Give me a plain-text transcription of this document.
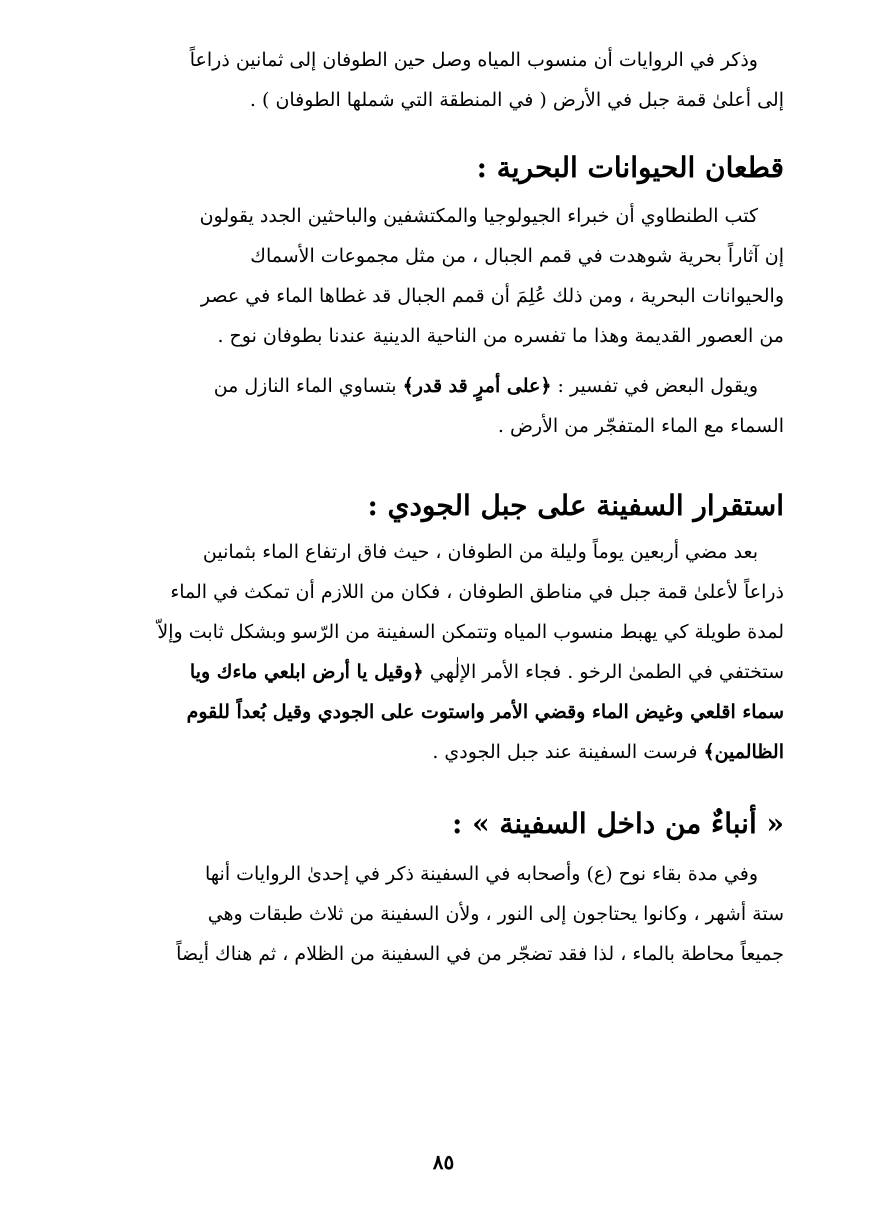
وذكر في الروايات أن منسوب المياه وصل حين الطوفان إلى ثمانين ذراعاً
إلى أعلىٰ قمة جبل في الأرض ( في المنطقة التي شملها الطوفان ) .

قطعان الحيوانات البحرية :

كتب الطنطاوي أن خبراء الجيولوجيا والمكتشفين والباحثين الجدد يقولون
إن آثاراً بحرية شوهدت في قمم الجبال ، من مثل مجموعات الأسماك
والحيوانات البحرية ، ومن ذلك عُلِمَ أن قمم الجبال قد غطاها الماء في عصر
من العصور القديمة وهذا ما تفسره من الناحية الدينية عندنا بطوفان نوح .

ويقول البعض في تفسير : ﴿على أمرٍ قد قدر﴾ بتساوي الماء النازل من
السماء مع الماء المتفجّر من الأرض .

استقرار السفينة على جبل الجودي :

بعد مضي أربعين يوماً وليلة من الطوفان ، حيث فاق ارتفاع الماء بثمانين
ذراعاً لأعلىٰ قمة جبل في مناطق الطوفان ، فكان من اللازم أن تمكث في الماء
لمدة طويلة كي يهبط منسوب المياه وتتمكن السفينة من الرّسو وبشكل ثابت وإلاّ
ستختفي في الطمىٰ الرخو . فجاء الأمر الإلٰهي ﴿وقيل يا أرض ابلعي ماءك ويا
سماء اقلعي وغيض الماء وقضي الأمر واستوت على الجودي وقيل بُعداً للقوم
الظالمين﴾ فرست السفينة عند جبل الجودي .

« أنباءٌ من داخل السفينة » :

وفي مدة بقاء نوح (ع) وأصحابه في السفينة ذكر في إحدىٰ الروايات أنها
ستة أشهر ، وكانوا يحتاجون إلى النور ، ولأن السفينة من ثلاث طبقات وهي
جميعاً محاطة بالماء ، لذا فقد تضجّر من في السفينة من الظلام ، ثم هناك أيضاً

٨٥
